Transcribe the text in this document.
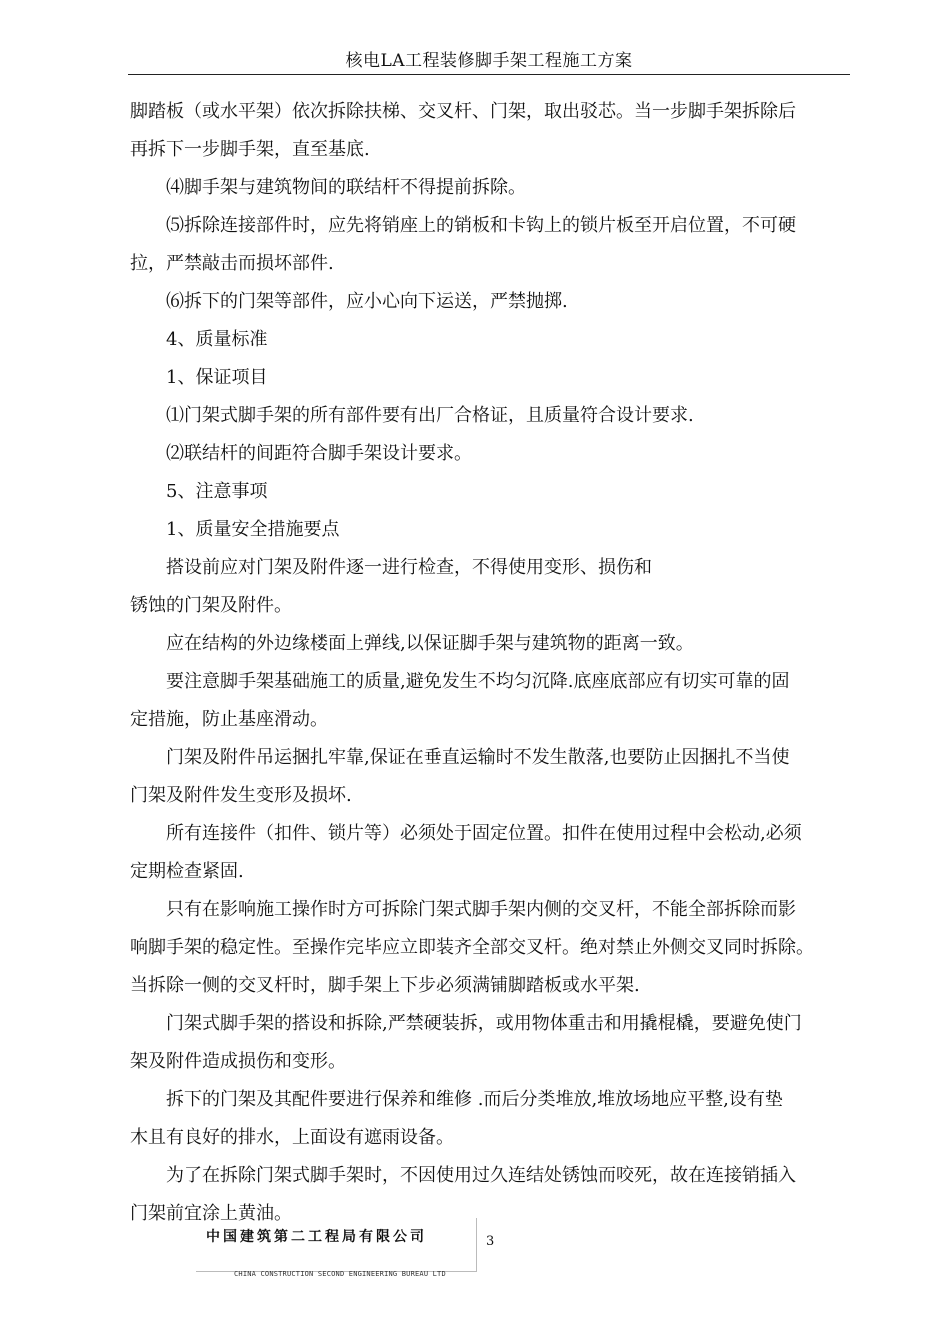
核电LA工程装修脚手架工程施工方案
脚踏板（或水平架）依次拆除扶梯、交叉杆、门架，取出驳芯。当一步脚手架拆除后
再拆下一步脚手架，直至基底.
⑷脚手架与建筑物间的联结杆不得提前拆除。
⑸拆除连接部件时，应先将销座上的销板和卡钩上的锁片板至开启位置，不可硬
拉，严禁敲击而损坏部件.
⑹拆下的门架等部件，应小心向下运送，严禁抛掷.
4、质量标准
1、保证项目
⑴门架式脚手架的所有部件要有出厂合格证，且质量符合设计要求.
⑵联结杆的间距符合脚手架设计要求。
5、注意事项
1、质量安全措施要点
搭设前应对门架及附件逐一进行检查，不得使用变形、损伤和
锈蚀的门架及附件。
应在结构的外边缘楼面上弹线,以保证脚手架与建筑物的距离一致。
要注意脚手架基础施工的质量,避免发生不均匀沉降.底座底部应有切实可靠的固
定措施，防止基座滑动。
门架及附件吊运捆扎牢靠,保证在垂直运输时不发生散落,也要防止因捆扎不当使
门架及附件发生变形及损坏.
所有连接件（扣件、锁片等）必须处于固定位置。扣件在使用过程中会松动,必须
定期检查紧固.
只有在影响施工操作时方可拆除门架式脚手架内侧的交叉杆，不能全部拆除而影
响脚手架的稳定性。至操作完毕应立即装齐全部交叉杆。绝对禁止外侧交叉同时拆除。
当拆除一侧的交叉杆时，脚手架上下步必须满铺脚踏板或水平架.
门架式脚手架的搭设和拆除,严禁硬装拆，或用物体重击和用撬棍橇，要避免使门
架及附件造成损伤和变形。
拆下的门架及其配件要进行保养和维修 .而后分类堆放,堆放场地应平整,设有垫
木且有良好的排水，上面设有遮雨设备。
为了在拆除门架式脚手架时，不因使用过久连结处锈蚀而咬死，故在连接销插入
门架前宜涂上黄油。
中国建筑第二工程局有限公司
CHINA CONSTRUCTION SECOND ENGINEERING BUREAU LTD
3
